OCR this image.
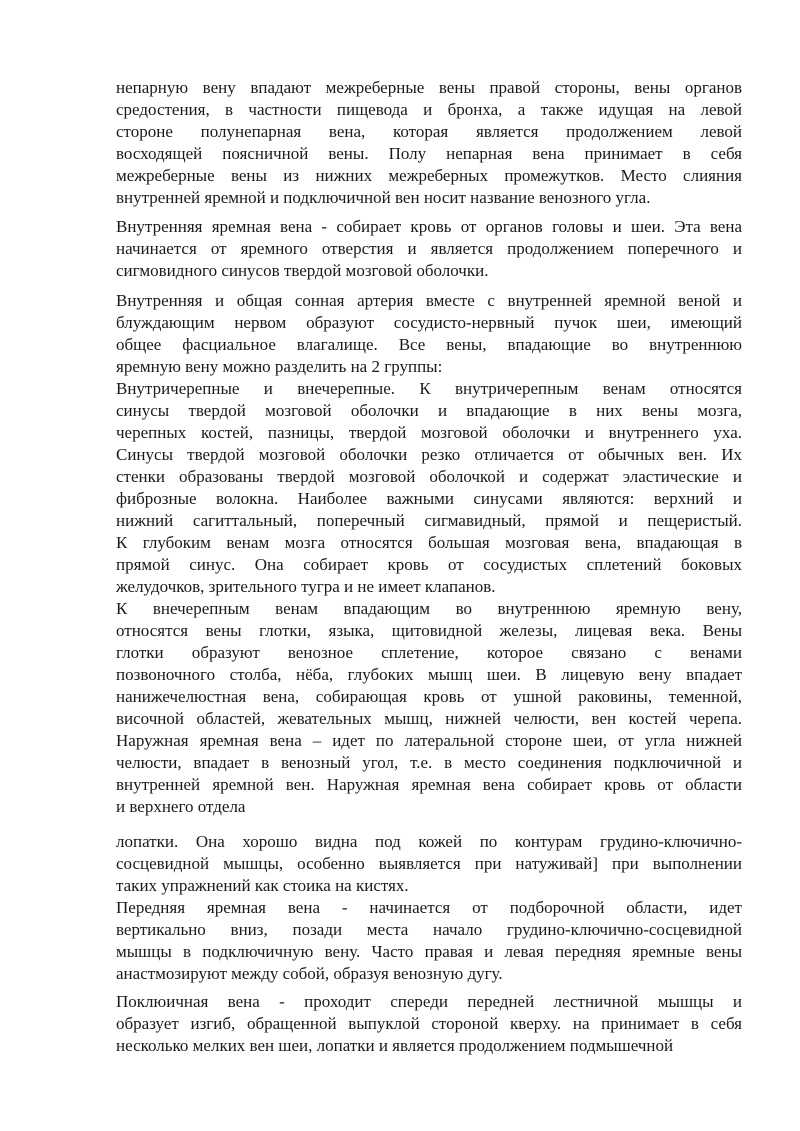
непарную вену впадают межреберные вены правой стороны, вены органов
средостения, в частности пищевода и бронха, а также идущая на левой
стороне полунепарная вена, которая является продолжением левой
восходящей поясничной вены. Полу непарная вена принимает в себя
межреберные вены из нижних межреберных промежутков. Место слияния
внутренней яремной и подключичной вен носит название венозного угла.
Внутренняя яремная вена - собирает кровь от органов головы и шеи. Эта вена
начинается от яремного отверстия и является продолжением поперечного и
сигмовидного синусов твердой мозговой оболочки.
Внутренняя и общая сонная артерия вместе с внутренней яремной веной и
блуждающим нервом образуют сосудисто-нервный пучок шеи, имеющий
общее фасциальное влагалище. Все вены, впадающие во внутреннюю
яремную вену можно разделить на 2 группы:
Внутричерепные и внечерепные. К внутричерепным венам относятся
синусы твердой мозговой оболочки и впадающие в них вены мозга,
черепных костей, пазницы, твердой мозговой оболочки и внутреннего уха.
Синусы твердой мозговой оболочки резко отличается от обычных вен. Их
стенки образованы твердой мозговой оболочкой и содержат эластические и
фиброзные волокна. Наиболее важными синусами являются: верхний и
нижний сагиттальный, поперечный сигмавидный, прямой и пещеристый.
К глубоким венам мозга относятся большая мозговая вена, впадающая в
прямой синус. Она собирает кровь от сосудистых сплетений боковых
желудочков, зрительного тугра и не имеет клапанов.
К внечерепным венам впадающим во внутреннюю яремную вену,
относятся вены глотки, языка, щитовидной железы, лицевая века. Вены
глотки образуют венозное сплетение, которое связано с венами
позвоночного столба, нёба, глубоких мышц шеи. В лицевую вену впадает
нанижечелюстная вена, собирающая кровь от ушной раковины, теменной,
височной областей, жевательных мышц, нижней челюсти, вен костей черепа.
Наружная яремная вена – идет по латеральной стороне шеи, от угла нижней
челюсти, впадает в венозный угол, т.е. в место соединения подключичной и
внутренней яремной вен. Наружная яремная вена собирает кровь от области
и верхнего отдела
лопатки. Она хорошо видна под кожей по контурам грудино-ключично-
сосцевидной мышцы, особенно выявляется при натуживай] при выполнении
таких упражнений как стоика на кистях.
Передняя яремная вена - начинается от подборочной области, идет
вертикально вниз, позади места начало грудино-ключично-сосцевидной
мышцы в подключичную вену. Часто правая и левая передняя яремные вены
анастмозируют между собой, образуя венозную дугу.
Поклюичная вена - проходит спереди передней лестничной мышцы и
образует изгиб, обращенной выпуклой стороной кверху. на принимает в себя
несколько мелких вен шеи, лопатки и является продолжением подмышечной
